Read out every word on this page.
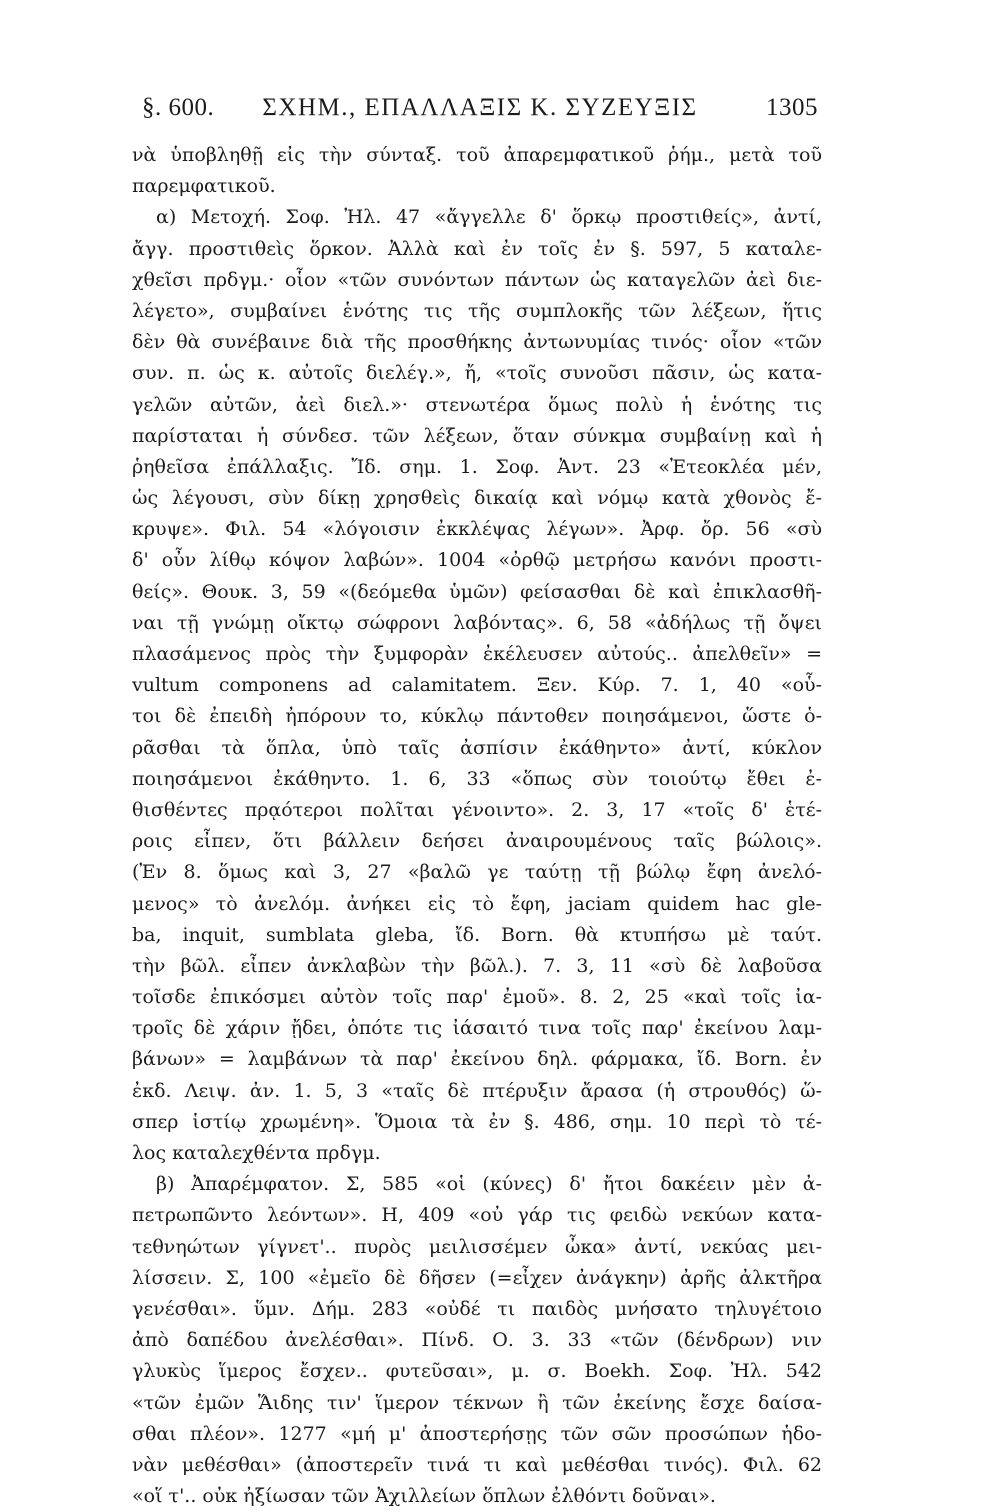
ΣΧΗΜ., ΕΠΑΛΛΑΞΙΣ Κ. ΣΥΖΕΥΞΙΣ
§. 600.	1305
νὰ ὑποβληθῇ εἰς τὴν σύνταξ. τοῦ ἀπαρεμφατικοῦ ῥήμ., μετὰ τοῦ
παρεμφατικοῦ.
α) Μετοχή. Σοφ. Ἠλ. 47 «ἄγγελλε δ' ὅρκῳ προστιθείς», ἀντί,
ἄγγ. προστιθεὶς ὅρκον. Ἀλλὰ καὶ ἐν τοῖς ἐν §. 597, 5 καταλε-
χθεῖσι πρδγμ.· οἷον «τῶν συνόντων πάντων ὡς καταγελῶν ἀεὶ διε-
λέγετο», συμβαίνει ἑνότης τις τῆς συμπλοκῆς τῶν λέξεων, ἥτις
δὲν θὰ συνέβαινε διὰ τῆς προσθήκης ἀντωνυμίας τινός· οἷον «τῶν
συν. π. ὡς κ. αὐτοῖς διελέγ.», ἤ, «τοῖς συνοῦσι πᾶσιν, ὡς κατα-
γελῶν αὐτῶν, ἀεὶ διελ.»· στενωτέρα ὅμως πολὺ ἡ ἑνότης τις
παρίσταται ἡ σύνδεσ. τῶν λέξεων, ὅταν σύνκμα συμβαίνῃ καὶ ἡ
ῥηθεῖσα ἐπάλλαξις. Ἴδ. σημ. 1. Σοφ. Ἀντ. 23 «Ἐτεοκλέα μέν,
ὡς λέγουσι, σὺν δίκῃ χρησθεὶς δικαίᾳ καὶ νόμῳ κατὰ χθονὸς ἔ-
κρυψε». Φιλ. 54 «λόγοισιν ἐκκλέψας λέγων». Ἀρφ. ὄρ. 56 «σὺ
δ' οὖν λίθῳ κόψον λαβών». 1004 «ὀρθῷ μετρήσω κανόνι προστι-
θείς». Θουκ. 3, 59 «(δεόμεθα ὑμῶν) φείσασθαι δὲ καὶ ἐπικλασθῆ-
ναι τῇ γνώμῃ οἴκτῳ σώφρονι λαβόντας». 6, 58 «ἀδήλως τῇ ὄψει
πλασάμενος πρὸς τὴν ξυμφορὰν ἐκέλευσεν αὐτούς.. ἀπελθεῖν» =
vultum componens ad calamitatem. Ξεν. Κύρ. 7. 1, 40 «οὗ-
τοι δὲ ἐπειδὴ ἠπόρουν το, κύκλῳ πάντοθεν ποιησάμενοι, ὥστε ὁ-
ρᾶσθαι τὰ ὅπλα, ὑπὸ ταῖς ἀσπίσιν ἐκάθηντο» ἀντί, κύκλον
ποιησάμενοι ἐκάθηντο. 1. 6, 33 «ὅπως σὺν τοιούτῳ ἔθει ἐ-
θισθέντες πρᾳότεροι πολῖται γένοιντο». 2. 3, 17 «τοῖς δ' ἑτέ-
ροις εἶπεν, ὅτι βάλλειν δεήσει ἀναιρουμένους ταῖς βώλοις».
(Ἐν 8. ὅμως καὶ 3, 27 «βαλῶ γε ταύτῃ τῇ βώλῳ ἔφη ἀνελό-
μενος» τὸ ἀνελόμ. ἀνήκει εἰς τὸ ἔφη, jaciam quidem hac gle-
ba, inquit, sumblata gleba, ἴδ. Born. θὰ κτυπήσω μὲ ταύτ.
τὴν βῶλ. εἶπεν ἀνκλαβὼν τὴν βῶλ.). 7. 3, 11 «σὺ δὲ λαβοῦσα
τοῖσδε ἐπικόσμει αὐτὸν τοῖς παρ' ἐμοῦ». 8. 2, 25 «καὶ τοῖς ἰα-
τροῖς δὲ χάριν ᾔδει, ὁπότε τις ἰάσαιτό τινα τοῖς παρ' ἐκείνου λαμ-
βάνων» = λαμβάνων τὰ παρ' ἐκείνου δηλ. φάρμακα, ἴδ. Born. ἐν
ἐκδ. Λειψ. ἀν. 1. 5, 3 «ταῖς δὲ πτέρυξιν ἄρασα (ἡ στρουθός) ὥ-
σπερ ἱστίῳ χρωμένη». Ὅμοια τὰ ἐν §. 486, σημ. 10 περὶ τὸ τέ-
λος καταλεχθέντα πρδγμ.
β) Ἀπαρέμφατον. Σ, 585 «οἱ (κύνες) δ' ἤτοι δακέειν μὲν ἀ-
πετρωπῶντο λεόντων». Η, 409 «οὐ γάρ τις φειδὼ νεκύων κατα-
τεθνηώτων γίγνετ'.. πυρὸς μειλισσέμεν ὦκα» ἀντί, νεκύας μει-
λίσσειν. Σ, 100 «ἐμεῖο δὲ δῆσεν (=εἶχεν ἀνάγκην) ἀρῆς ἀλκτῆρα
γενέσθαι». ὕμν. Δήμ. 283 «οὐδέ τι παιδὸς μνήσατο τηλυγέτοιο
ἀπὸ δαπέδου ἀνελέσθαι». Πίνδ. Ο. 3. 33 «τῶν (δένδρων) νιν
γλυκὺς ἵμερος ἔσχεν.. φυτεῦσαι», μ. σ. Boekh. Σοφ. Ἠλ. 542
«τῶν ἐμῶν Ἅιδης τιν' ἵμερον τέκνων ἢ τῶν ἐκείνης ἔσχε δαίσα-
σθαι πλέον». 1277 «μή μ' ἀποστερήσῃς τῶν σῶν προσώπων ἡδο-
νὰν μεθέσθαι» (ἀποστερεῖν τινά τι καὶ μεθέσθαι τινός). Φιλ. 62
«οἵ τ'.. οὐκ ἠξίωσαν τῶν Ἀχιλλείων ὅπλων ἐλθόντι δοῦναι».
